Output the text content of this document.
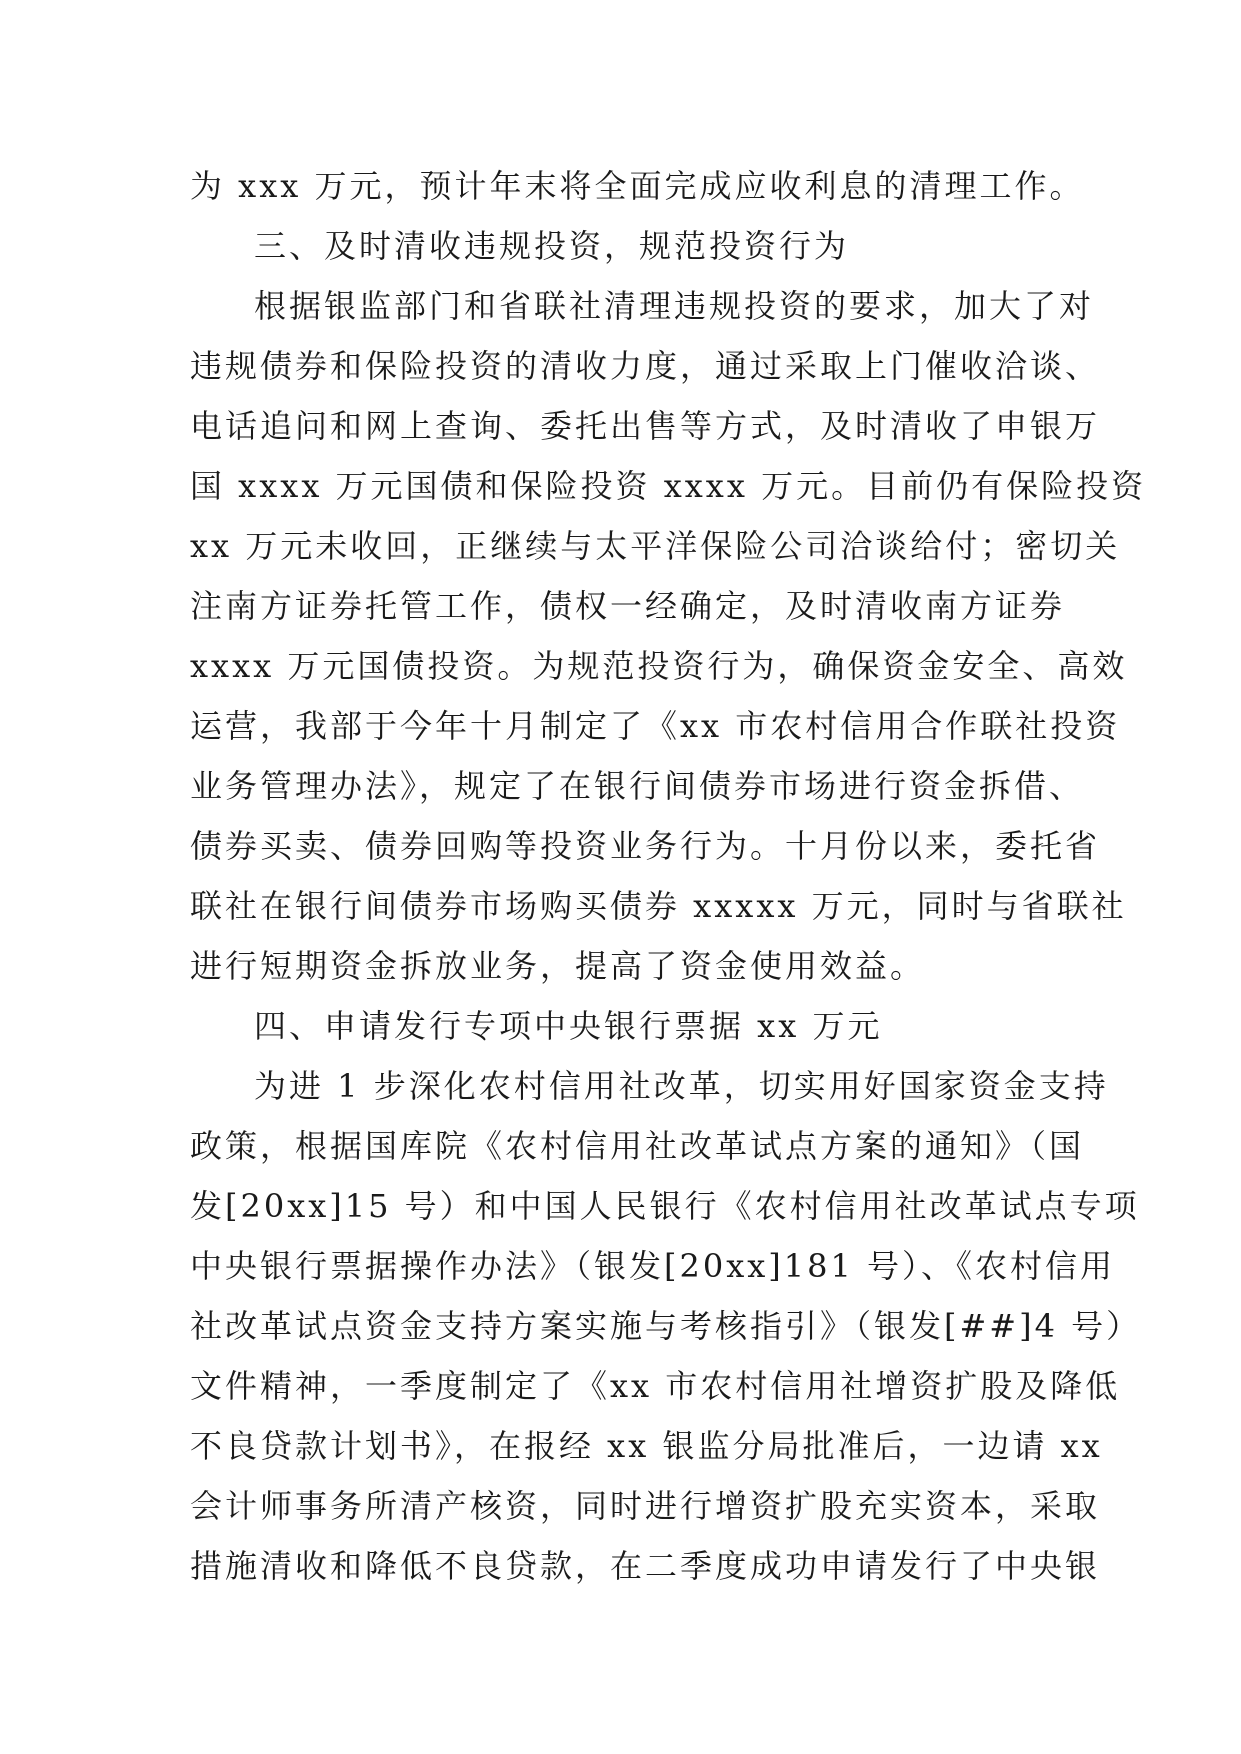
为 xxx 万元，预计年末将全面完成应收利息的清理工作。
三、及时清收违规投资，规范投资行为
根据银监部门和省联社清理违规投资的要求，加大了对
违规债券和保险投资的清收力度，通过采取上门催收洽谈、
电话追问和网上查询、委托出售等方式，及时清收了申银万
国 xxxx 万元国债和保险投资 xxxx 万元。目前仍有保险投资
xx 万元未收回，正继续与太平洋保险公司洽谈给付；密切关
注南方证券托管工作，债权一经确定，及时清收南方证券
xxxx 万元国债投资。为规范投资行为，确保资金安全、高效
运营，我部于今年十月制定了《xx 市农村信用合作联社投资
业务管理办法》，规定了在银行间债券市场进行资金拆借、
债券买卖、债券回购等投资业务行为。十月份以来，委托省
联社在银行间债券市场购买债券 xxxxx 万元，同时与省联社
进行短期资金拆放业务，提高了资金使用效益。
四、申请发行专项中央银行票据 xx 万元
为进 1 步深化农村信用社改革，切实用好国家资金支持
政策，根据国库院《农村信用社改革试点方案的通知》（国
发[20xx]15 号）和中国人民银行《农村信用社改革试点专项
中央银行票据操作办法》（银发[20xx]181 号）、《农村信用
社改革试点资金支持方案实施与考核指引》（银发[##]4 号）
文件精神，一季度制定了《xx 市农村信用社增资扩股及降低
不良贷款计划书》，在报经 xx 银监分局批准后，一边请 xx
会计师事务所清产核资，同时进行增资扩股充实资本，采取
措施清收和降低不良贷款，在二季度成功申请发行了中央银
